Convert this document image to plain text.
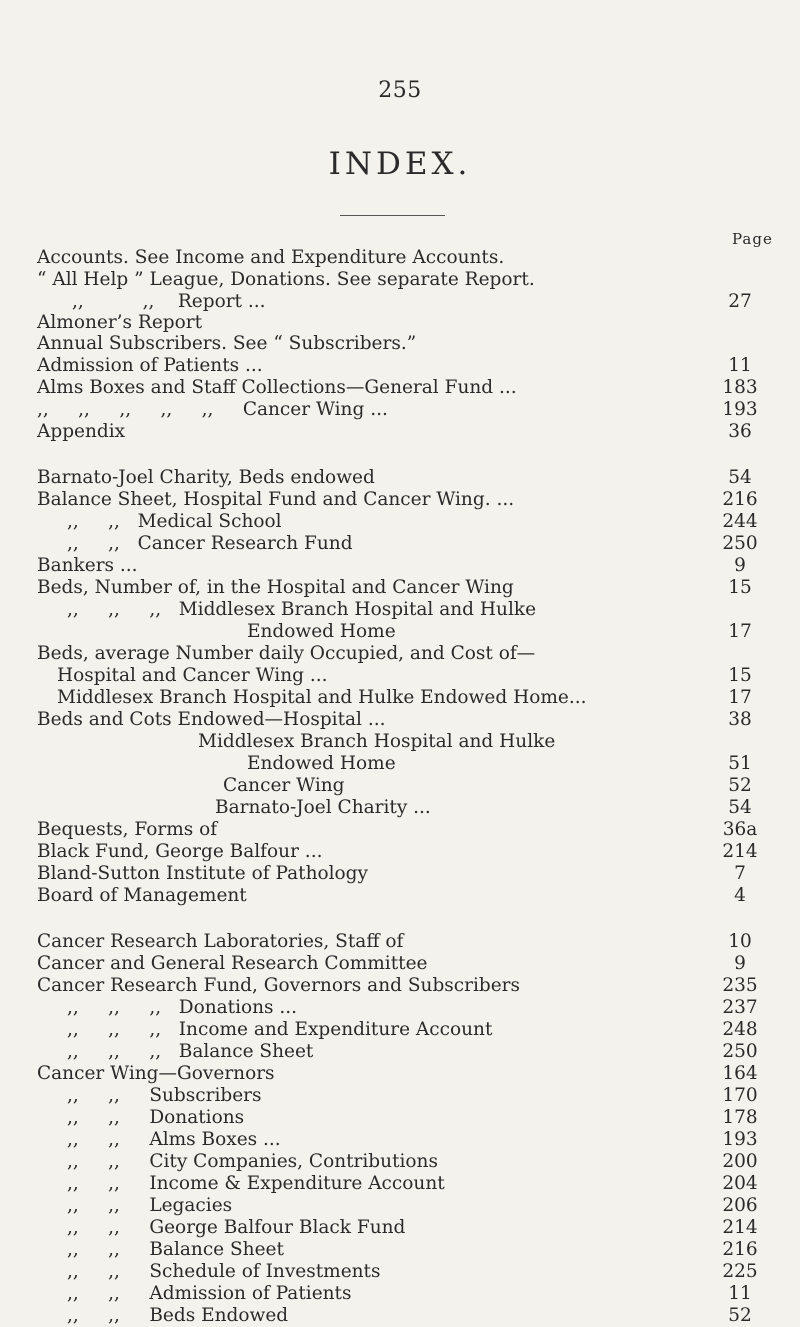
255
INDEX.
Page
Accounts. See Income and Expenditure Accounts.
“ All Help ” League, Donations. See separate Report.
,,          ,,    Report ...	27
Almoner’s Report
Annual Subscribers. See “ Subscribers.”
Admission of Patients ...	11
Alms Boxes and Staff Collections—General Fund ...	183
,,     ,,     ,,     ,,     ,,     Cancer Wing ...	193
Appendix	36
Barnato-Joel Charity, Beds endowed	54
Balance Sheet, Hospital Fund and Cancer Wing. ...	216
,,     ,,   Medical School	244
,,     ,,   Cancer Research Fund	250
Bankers ...	9
Beds, Number of, in the Hospital and Cancer Wing	15
,,     ,,     ,,   Middlesex Branch Hospital and Hulke
Endowed Home	17
Beds, average Number daily Occupied, and Cost of—
Hospital and Cancer Wing ...	15
Middlesex Branch Hospital and Hulke Endowed Home...	17
Beds and Cots Endowed—Hospital ...	38
Middlesex Branch Hospital and Hulke
Endowed Home	51
Cancer Wing	52
Barnato-Joel Charity ...	54
Bequests, Forms of	36a
Black Fund, George Balfour ...	214
Bland-Sutton Institute of Pathology	7
Board of Management	4
Cancer Research Laboratories, Staff of	10
Cancer and General Research Committee	9
Cancer Research Fund, Governors and Subscribers	235
,,     ,,     ,,   Donations ...	237
,,     ,,     ,,   Income and Expenditure Account	248
,,     ,,     ,,   Balance Sheet	250
Cancer Wing—Governors	164
,,     ,,     Subscribers	170
,,     ,,     Donations	178
,,     ,,     Alms Boxes ...	193
,,     ,,     City Companies, Contributions	200
,,     ,,     Income & Expenditure Account	204
,,     ,,     Legacies	206
,,     ,,     George Balfour Black Fund	214
,,     ,,     Balance Sheet	216
,,     ,,     Schedule of Investments	225
,,     ,,     Admission of Patients	11
,,     ,,     Beds Endowed	52
